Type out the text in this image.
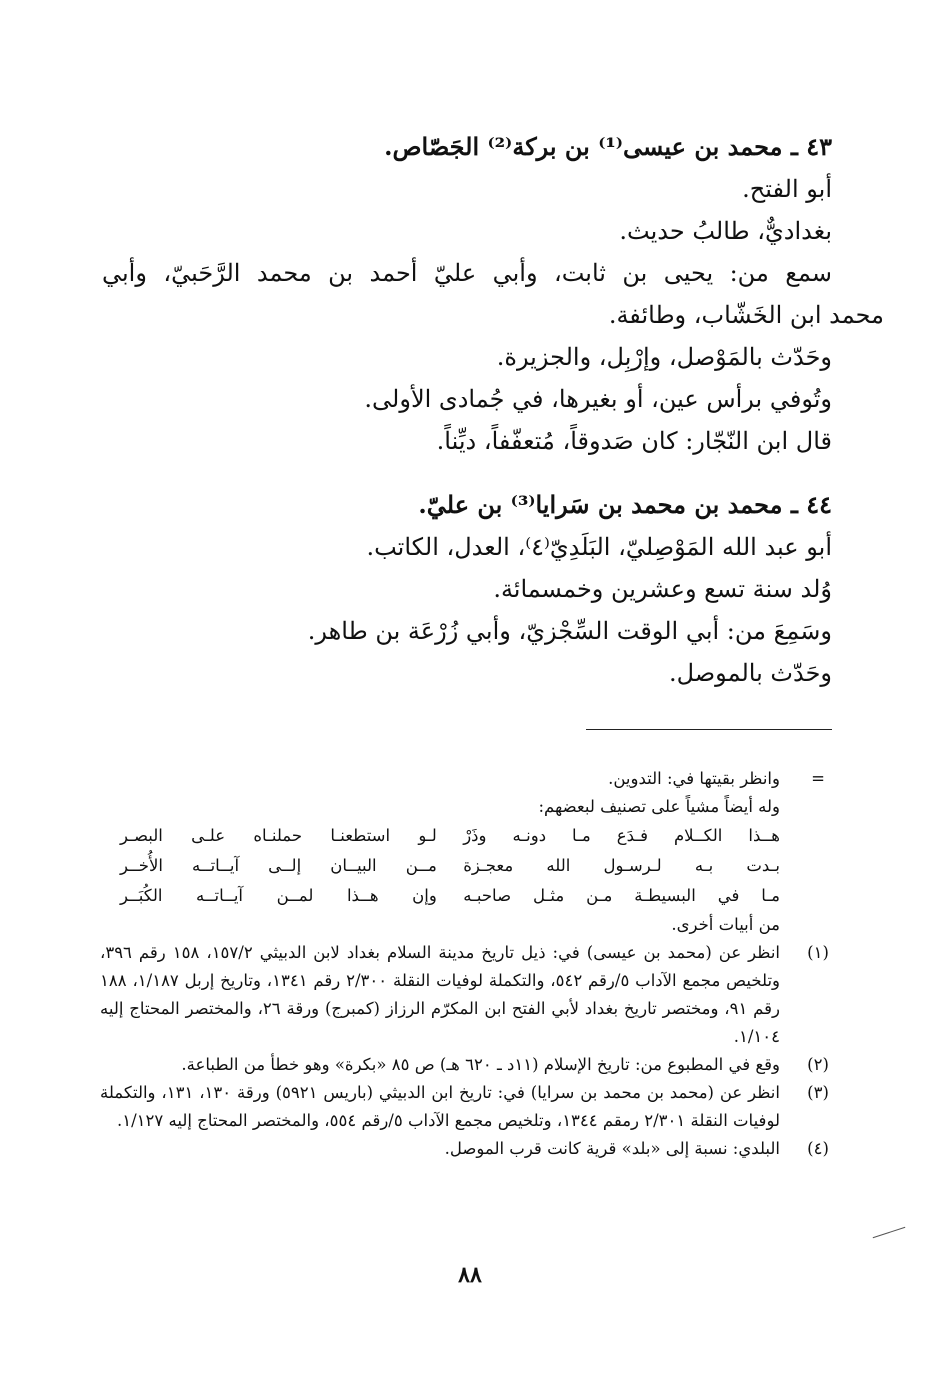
٤٣ ـ محمد بن عيسى⁽¹⁾ بن بركة⁽²⁾ الجَصّاص.

أبو الفتح.

بغداديٌّ، طالبُ حديث.

سمع من: يحيى بن ثابت، وأبي عليّ أحمد بن محمد الرَّحَبيّ، وأبي

محمد ابن الخَشّاب، وطائفة.

وحَدّث بالمَوْصل، وإرْبِل، والجزيرة.

وتُوفي برأس عين، أو بغيرها، في جُمادى الأولى.

قال ابن النّجّار: كان صَدوقاً، مُتعفّفاً، ديِّناً.

٤٤ ـ محمد بن محمد بن سَرايا⁽³⁾ بن عليّ.

أبو عبد الله المَوْصِليّ، البَلَدِيّ⁽٤⁾، العدل، الكاتب.

وُلد سنة تسع وعشرين وخمسمائة.

وسَمِعَ من: أبي الوقت السِّجْزيّ، وأبي زُرْعَة بن طاهر.

وحَدّث بالموصل.

=
وانظر بقيتها في: التدوين.

وله أيضاً مشياً على تصنيف لبعضهم:

هــذا الكــلام فـدَع مـا دونـه وذَرْ
لـو استطعنـا حملنـاه علـى البصـر
بـدت بـه لـرسـول الله معجـزة
مــن البيــان إلــى آيــاتــه الأُخــر
مـا في البسيطـة مـن مثـل صاحبـه
وإن هــذا لمــن آيــاتــه الكُبَــر

من أبيات أخرى.

(١)
انظر عن (محمد بن عيسى) في: ذيل تاريخ مدينة السلام بغداد لابن الدبيثي ١٥٧/٢، ١٥٨ رقم ٣٩٦، وتلخيص مجمع الآداب ٥/رقم ٥٤٢، والتكملة لوفيات النقلة ٢/٣٠٠ رقم ١٣٤١، وتاريخ إربل ١/١٨٧، ١٨٨ رقم ٩١، ومختصر تاريخ بغداد لأبي الفتح ابن المكرّم الرزاز (كمبرج) ورقة ٢٦، والمختصر المحتاج إليه ١/١٠٤.

(٢)
وقع في المطبوع من: تاريخ الإسلام (١١د ـ ٦٢٠ هـ) ص ٨٥ «بكرة» وهو خطأ من الطباعة.

(٣)
انظر عن (محمد بن محمد بن سرايا) في: تاريخ ابن الدبيثي (باريس ٥٩٢١) ورقة ١٣٠، ١٣١، والتكملة لوفيات النقلة ٢/٣٠١ رمقم ١٣٤٤، وتلخيص مجمع الآداب ٥/رقم ٥٥٤، والمختصر المحتاج إليه ١/١٢٧.

(٤)
البلدي: نسبة إلى «بلد» قرية كانت قرب الموصل.

٨٨
